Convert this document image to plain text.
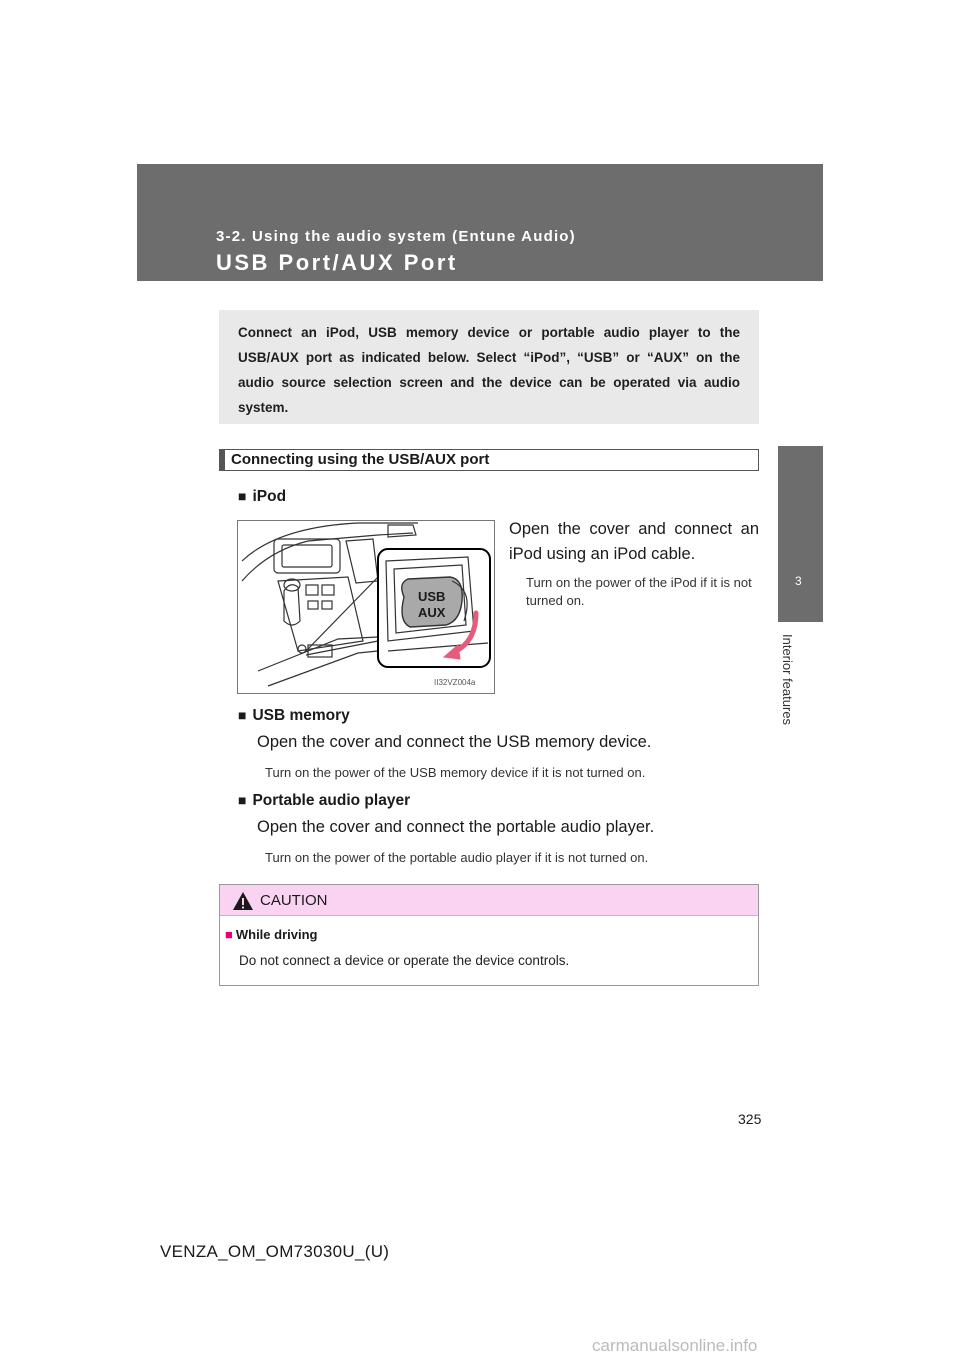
3-2. Using the audio system (Entune Audio)
USB Port/AUX Port
3
Interior features
Connect an iPod, USB memory device or portable audio player to the USB/AUX port as indicated below. Select “iPod”, “USB” or “AUX” on the audio source selection screen and the device can be operated via audio system.
Connecting using the USB/AUX port
■ iPod
Open the cover and connect an iPod using an iPod cable.
Turn on the power of the iPod if it is not turned on.
USB
AUX
II32VZ004a
■ USB memory
Open the cover and connect the USB memory device.
Turn on the power of the USB memory device if it is not turned on.
■ Portable audio player
Open the cover and connect the portable audio player.
Turn on the power of the portable audio player if it is not turned on.
CAUTION
■ While driving
Do not connect a device or operate the device controls.
325
VENZA_OM_OM73030U_(U)
carmanualsonline.info
